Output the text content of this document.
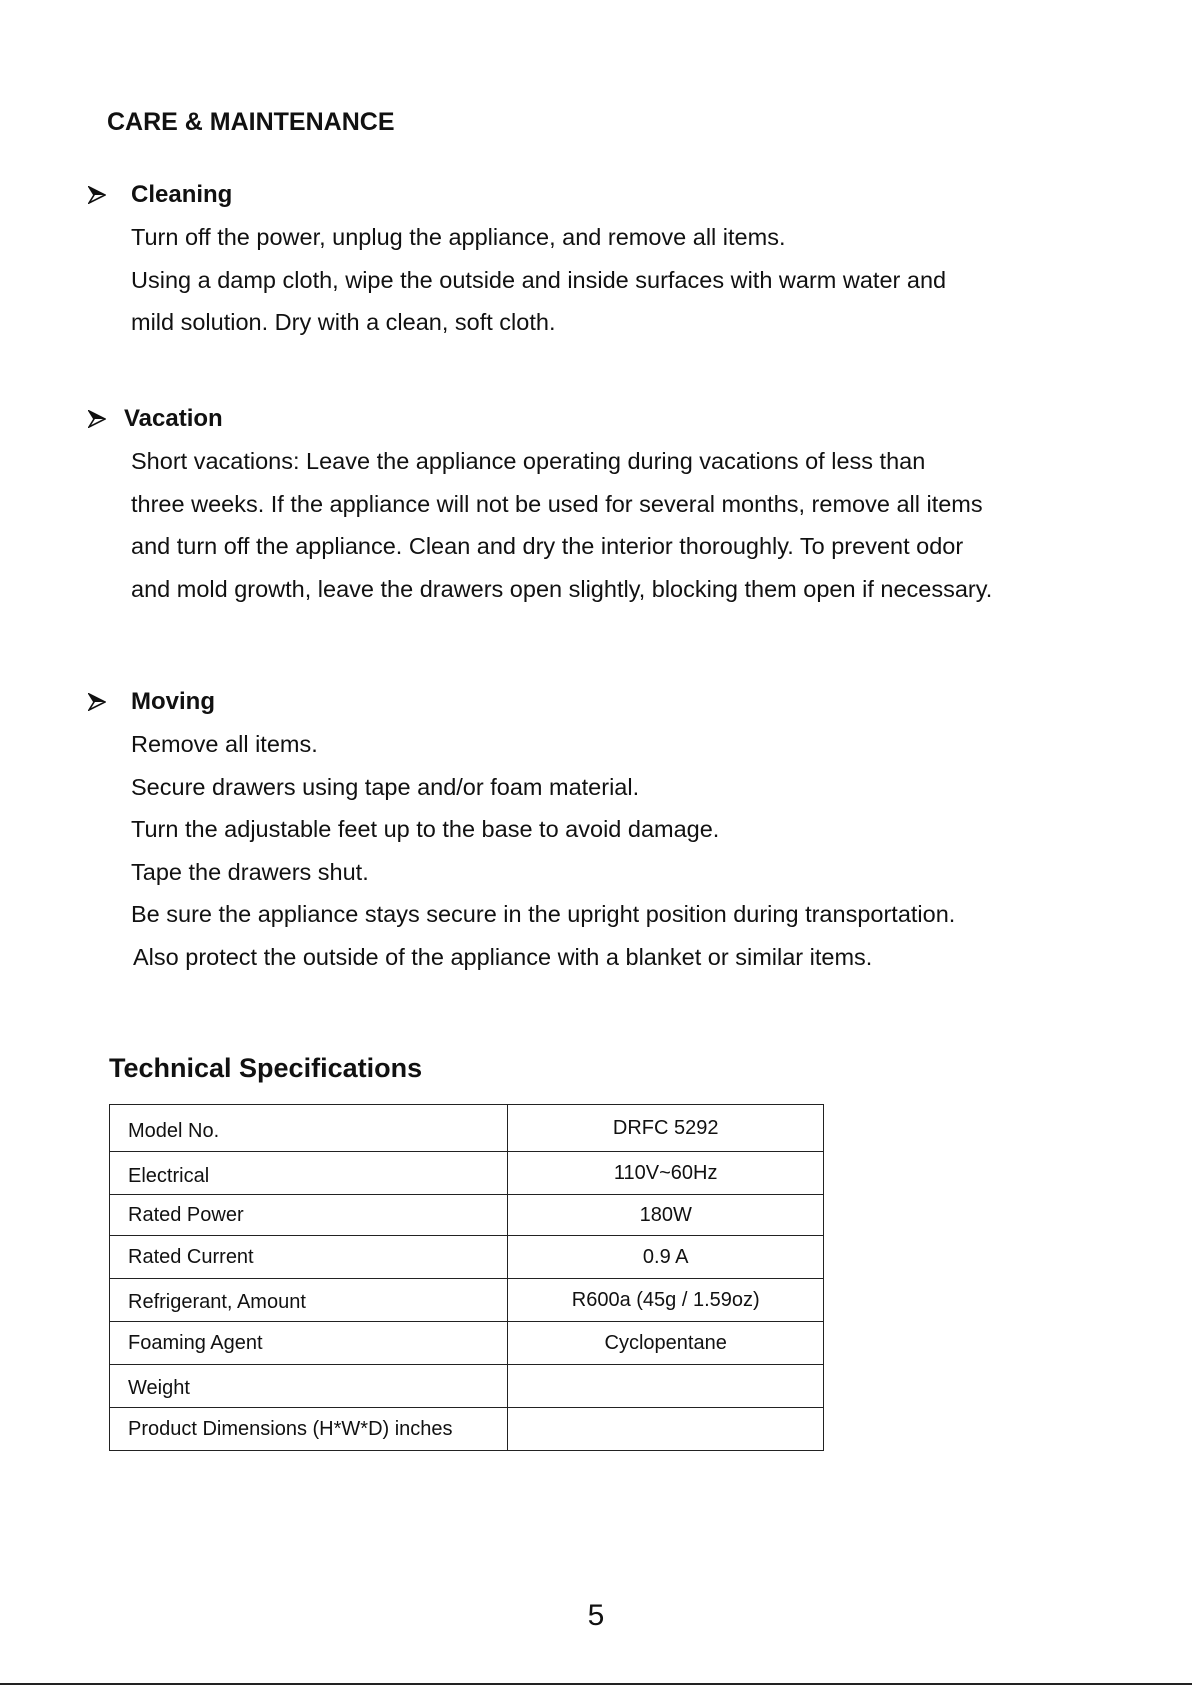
CARE & MAINTENANCE
Cleaning
Turn off the power, unplug the appliance, and remove all items.
Using a damp cloth, wipe the outside and inside surfaces with warm water and
mild solution. Dry with a clean, soft cloth.
Vacation
Short vacations: Leave the appliance operating during vacations of less than
three weeks. If the appliance will not be used for several months, remove all items
and turn off the appliance. Clean and dry the interior thoroughly. To prevent odor
and mold growth, leave the drawers open slightly, blocking them open if necessary.
Moving
Remove all items.
Secure drawers using tape and/or foam material.
Turn the adjustable feet up to the base to avoid damage.
Tape the drawers shut.
Be sure the appliance stays secure in the upright position during transportation.
Also protect the outside of the appliance with a blanket or similar items.
Technical Specifications
Model No.	DRFC 5292
Electrical	110V~60Hz
Rated Power	180W
Rated Current	0.9 A
Refrigerant, Amount	R600a (45g / 1.59oz)
Foaming Agent	Cyclopentane
Weight	
Product Dimensions (H*W*D) inches	
5
